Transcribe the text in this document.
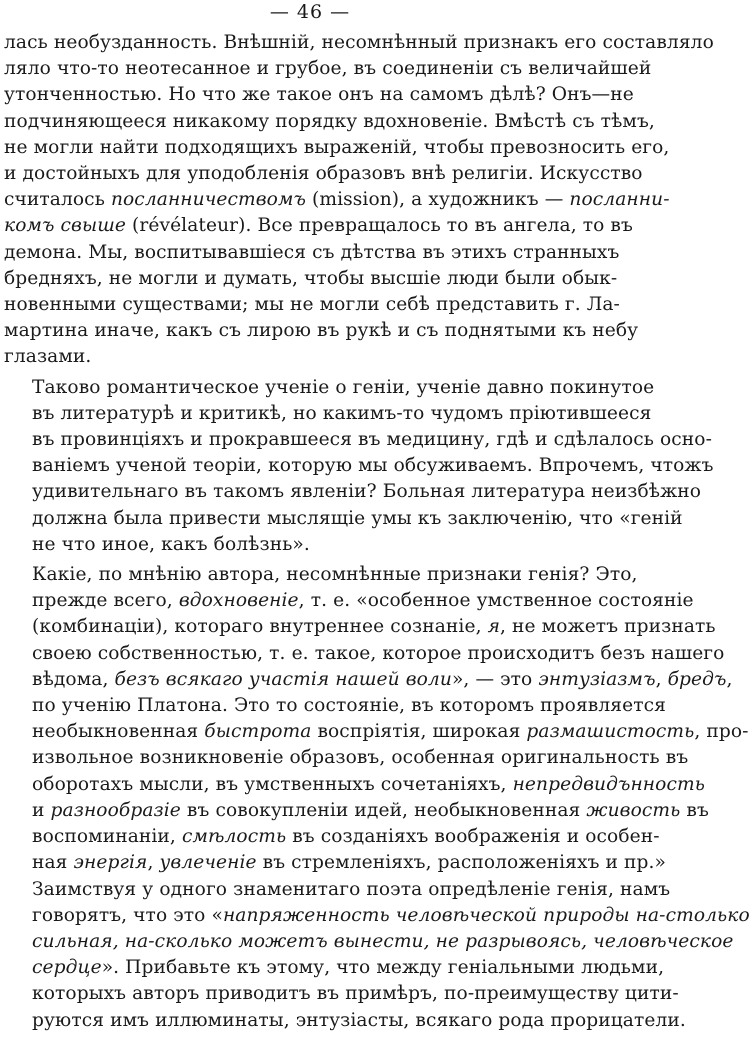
— 46 —
лась необузданность. Внѣшній, несомнѣнный признакъ его составлялo
ляло что-то неотесанное и грубое, въ соединеніи съ величайшей
утонченностью. Но что же такое онъ на самомъ дѣлѣ? Онъ—не
подчиняющееся никакому порядку вдохновеніе. Вмѣстѣ съ тѣмъ,
не могли найти подходящихъ выраженій, чтобы превозносить его,
и достойныхъ для уподобленія образовъ внѣ религіи. Искусство
считалось посланничествомъ (mission), а художникъ — посланни-
комъ свыше (révélateur). Все превращалось то въ ангела, то въ
демона. Мы, воспитывавшіеся съ дѣтства въ этихъ странныхъ
бредняхъ, не могли и думать, чтобы высшіе люди были обык-
новенными существами; мы не могли себѣ представить г. Ла-
мартина иначе, какъ съ лирою въ рукѣ и съ поднятыми къ небу
глазами.
Таково романтическое ученіе о геніи, ученіе давно покинутое
въ литературѣ и критикѣ, но какимъ-то чудомъ пріютившееся
въ провинціяхъ и прокравшееся въ медицину, гдѣ и сдѣлалось осно-
ваніемъ ученой теоріи, которую мы обсуживаемъ. Впрочемъ, чтожъ
удивительнаго въ такомъ явленіи? Больная литература неизбѣжно
должна была привести мыслящіе умы къ заключенію, что «геній
не что иное, какъ болѣзнь».
Какіе, по мнѣнію автора, несомнѣнные признаки генія? Это,
прежде всего, вдохновеніе, т. е. «особенное умственное состояніе
(комбинаціи), котораго внутреннее сознаніе, я, не можетъ признать
своею собственностью, т. е. такое, которое происходитъ безъ нашего
вѣдома, безъ всякаго участія нашей воли», — это энтузіазмъ, бредъ,
по ученію Платона. Это то состояніе, въ которомъ проявляется
необыкновенная быстрота воспріятія, широкая размашистость, про-
извольное возникновеніе образовъ, особенная оригинальность въ
оборотахъ мысли, въ умственныхъ сочетаніяхъ, непредвидънность
и разнообразіе въ совокупленіи идей, необыкновенная живость въ
воспоминаніи, смѣлость въ созданіяхъ воображенія и особен-
ная энергія, увлеченіе въ стремленіяхъ, расположеніяхъ и пр.»
Заимствуя у одного знаменитаго поэта опредѣленіе генія, намъ
говорятъ, что это «напряженность человѣческой природы на-столько
сильная, на-сколько можетъ вынести, не разрывоясь, человѣческое
сердце». Прибавьте къ этому, что между геніальными людьми,
которыхъ авторъ приводитъ въ примѣръ, по-преимуществу цити-
руются имъ иллюминаты, энтузіасты, всякаго рода прорицатели.
